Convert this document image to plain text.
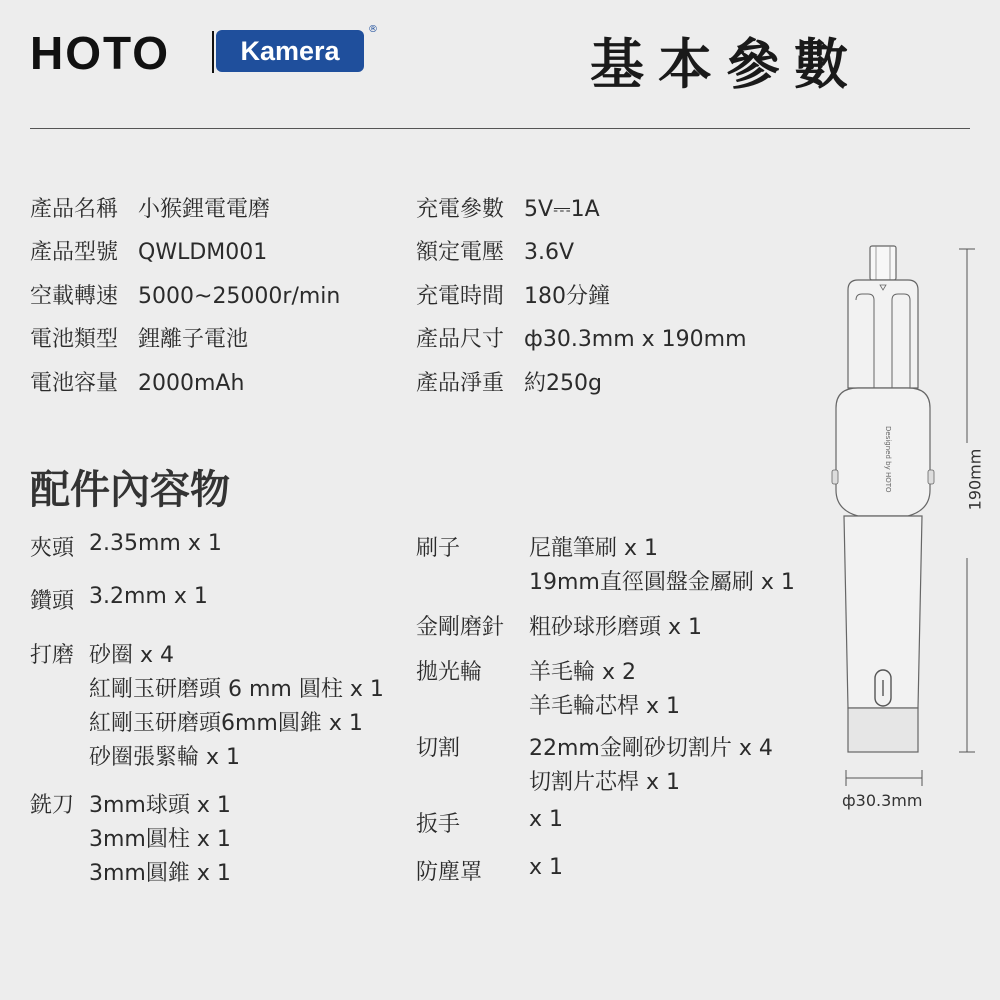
HOTO	Kamera
®
基本參數
產品名稱 小猴鋰電電磨
產品型號 QWLDM001
空載轉速 5000~25000r/min
電池類型 鋰離子電池
電池容量 2000mAh
充電參數 5V⎓1A
額定電壓 3.6V
充電時間 180分鐘
產品尺寸 ф30.3mm x 190mm
產品淨重 約250g
配件內容物
夾頭 2.35mm x 1
鑽頭 3.2mm x 1
打磨 砂圈 x 4
紅剛玉研磨頭 6 mm 圓柱 x 1
紅剛玉研磨頭6mm圓錐 x 1
砂圈張緊輪 x 1
銑刀 3mm球頭 x 1
3mm圓柱 x 1
3mm圓錐 x 1
刷子	尼龍筆刷 x 1
19mm直徑圓盤金屬刷 x 1
金剛磨針 粗砂球形磨頭 x 1
拋光輪 羊毛輪 x 2
羊毛輪芯桿 x 1
切割	22mm金剛砂切割片 x 4
切割片芯桿 x 1
扳手	x 1
防塵罩 x 1
Designed by HOTO	190mm
ф30.3mm
